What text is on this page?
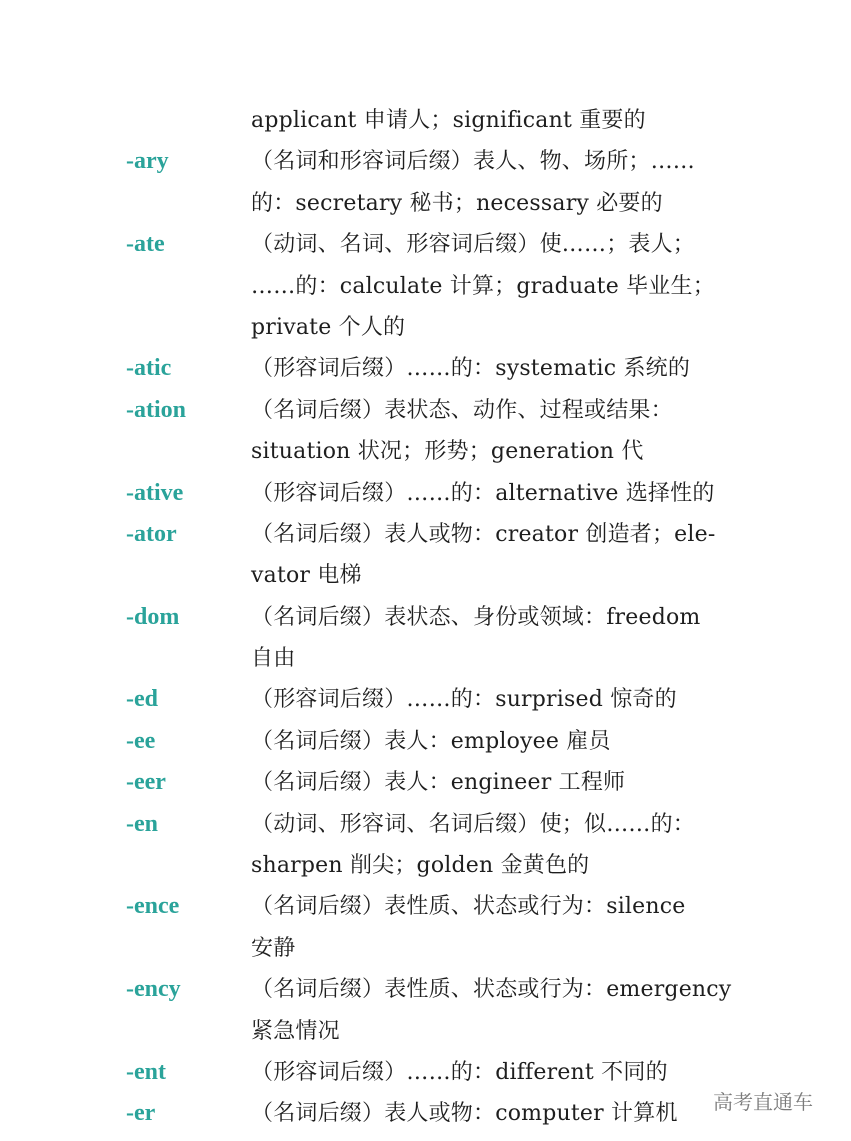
applicant 申请人；significant 重要的
-ary	（名词和形容词后缀）表人、物、场所；……
的：secretary 秘书；necessary 必要的
-ate	（动词、名词、形容词后缀）使……；表人；
……的：calculate 计算；graduate 毕业生；
private 个人的
-atic	（形容词后缀）……的：systematic 系统的
-ation	（名词后缀）表状态、动作、过程或结果：
situation 状况；形势；generation 代
-ative	（形容词后缀）……的：alternative 选择性的
-ator	（名词后缀）表人或物：creator 创造者；ele-
vator 电梯
-dom	（名词后缀）表状态、身份或领域：freedom
自由
-ed	（形容词后缀）……的：surprised 惊奇的
-ee	（名词后缀）表人：employee 雇员
-eer	（名词后缀）表人：engineer 工程师
-en	（动词、形容词、名词后缀）使；似……的：
sharpen 削尖；golden 金黄色的
-ence	（名词后缀）表性质、状态或行为：silence
安静
-ency	（名词后缀）表性质、状态或行为：emergency
紧急情况
-ent	（形容词后缀）……的：different 不同的
-er	（名词后缀）表人或物：computer 计算机	高考直通车
